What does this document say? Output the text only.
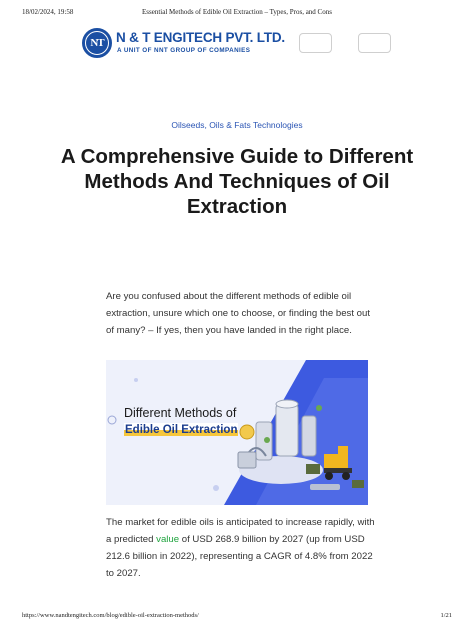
18/02/2024, 19:58	Essential Methods of Edible Oil Extraction – Types, Pros, and Cons
NT N & T ENGITECH PVT. LTD.
A UNIT OF NNT GROUP OF COMPANIES
Oilseeds, Oils & Fats Technologies
A Comprehensive Guide to Different Methods And Techniques of Oil Extraction

Are you confused about the different methods of edible oil extraction, unsure which one to choose, or finding the best out of many? – If yes, then you have landed in the right place.

Different Methods of
Edible Oil Extraction

The market for edible oils is anticipated to increase rapidly, with a predicted value of USD 268.9 billion by 2027 (up from USD 212.6 billion in 2022), representing a CAGR of 4.8% from 2022 to 2027.

https://www.nandtengitech.com/blog/edible-oil-extraction-methods/	1/21
